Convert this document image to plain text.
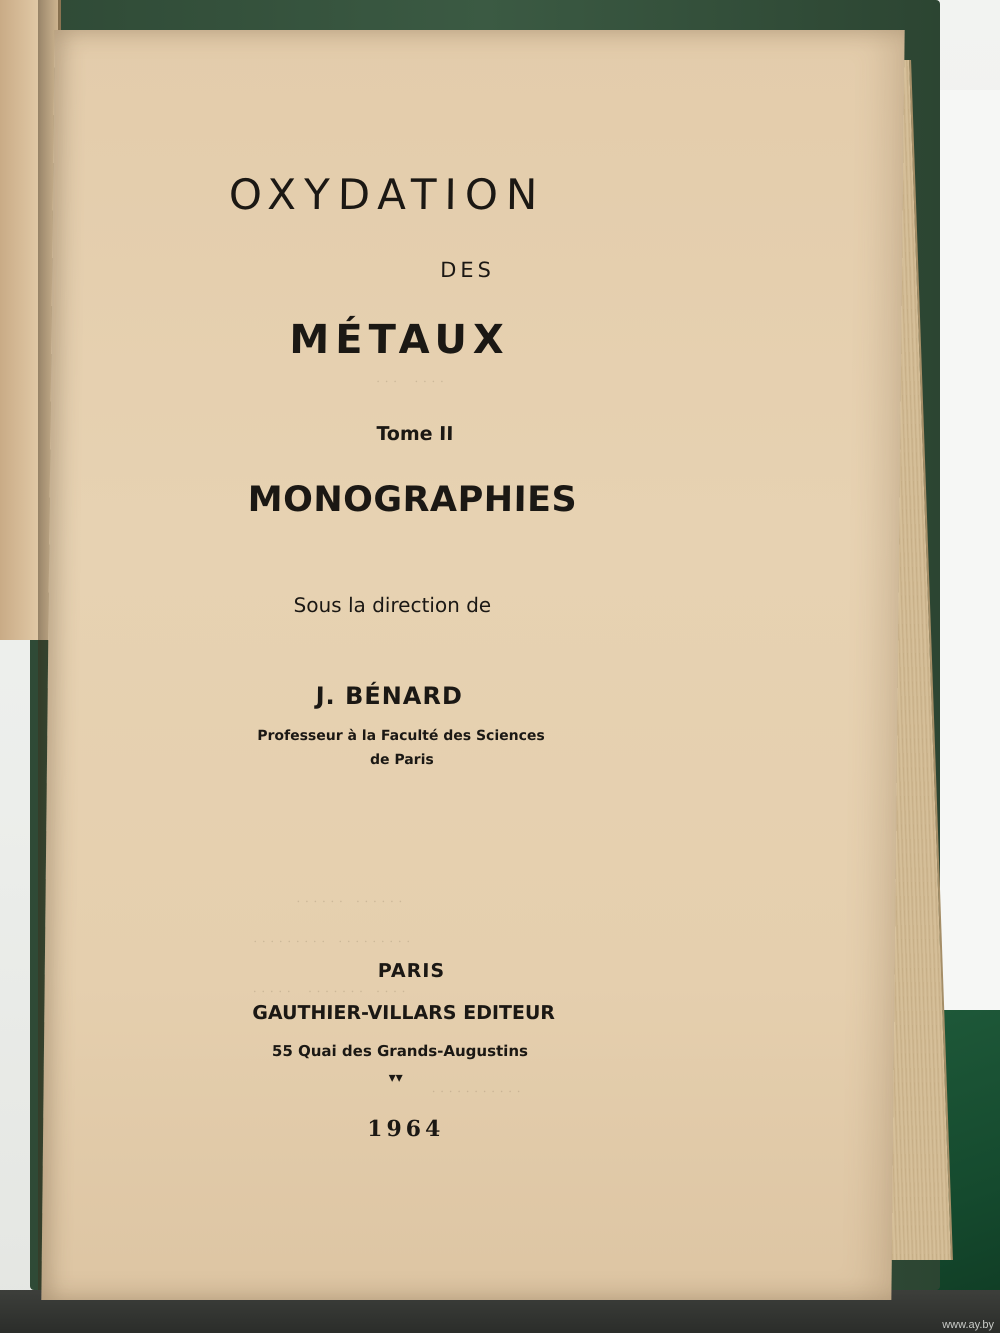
. . .    . . . .
. . . . . .   . . . . . .
. . . . . . . . .   . . . . . . . . .
. . . . .    . . . . . . .   . . . .
. . . . . . . . . . .
OXYDATION
DES
MÉTAUX
Tome II
MONOGRAPHIES
Sous la direction de
J. BÉNARD
Professeur à la Faculté des Sciences
de Paris
PARIS
GAUTHIER-VILLARS EDITEUR
55 Quai des Grands-Augustins
▾▾
1964
www.ay.by
